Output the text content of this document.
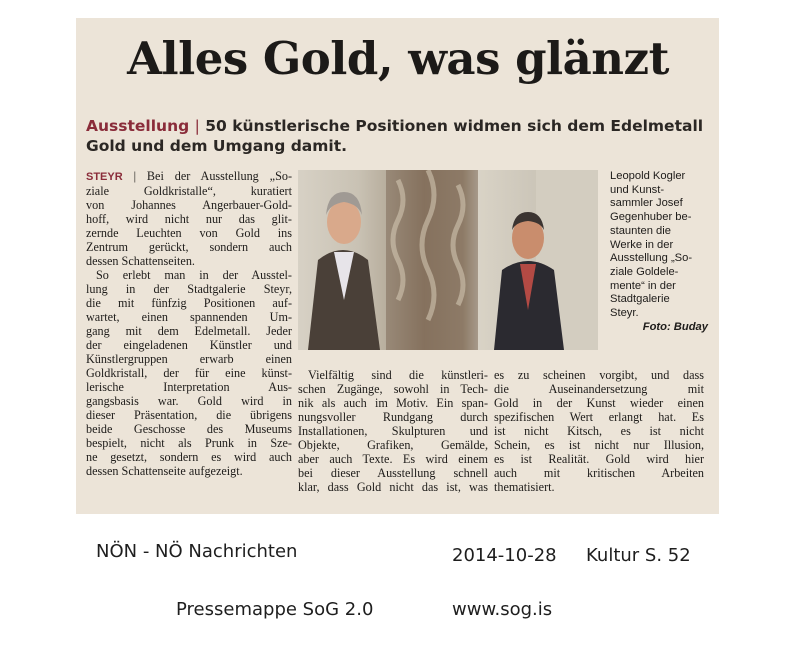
Alles Gold, was glänzt
Ausstellung | 50 künstlerische Positionen widmen sich dem Edelmetall
Gold und dem Umgang damit.
STEYR | Bei der Ausstellung „So-
ziale Goldkristalle“, kuratiert
von Johannes Angerbauer-Gold-
hoff, wird nicht nur das glit-
zernde Leuchten von Gold ins
Zentrum gerückt, sondern auch
dessen Schattenseiten.
So erlebt man in der Ausstel-
lung in der Stadtgalerie Steyr,
die mit fünfzig Positionen auf-
wartet, einen spannenden Um-
gang mit dem Edelmetall. Jeder
der eingeladenen Künstler und
Künstlergruppen erwarb einen
Goldkristall, der für eine künst-
lerische Interpretation Aus-
gangsbasis war. Gold wird in
dieser Präsentation, die übrigens
beide Geschosse des Museums
bespielt, nicht als Prunk in Sze-
ne gesetzt, sondern es wird auch
dessen Schattenseite aufgezeigt.
Leopold Kogler
und Kunst-
sammler Josef
Gegenhuber be-
staunten die
Werke in der
Ausstellung „So-
ziale Goldele-
mente“ in der
Stadtgalerie
Steyr.
Foto: Buday
Vielfältig sind die künstleri-
schen Zugänge, sowohl in Tech-
nik als auch im Motiv. Ein span-
nungsvoller Rundgang durch
Installationen, Skulpturen und
Objekte, Grafiken, Gemälde,
aber auch Texte. Es wird einem
bei dieser Ausstellung schnell
klar, dass Gold nicht das ist, was
es zu scheinen vorgibt, und dass
die Auseinandersetzung mit
Gold in der Kunst wieder einen
spezifischen Wert erlangt hat. Es
ist nicht Kitsch, es ist nicht
Schein, es ist nicht nur Illusion,
es ist Realität. Gold wird hier
auch mit kritischen Arbeiten
thematisiert.
NÖN - NÖ Nachrichten	2014-10-28 Kultur S. 52
Pressemappe SoG 2.0	www.sog.is
